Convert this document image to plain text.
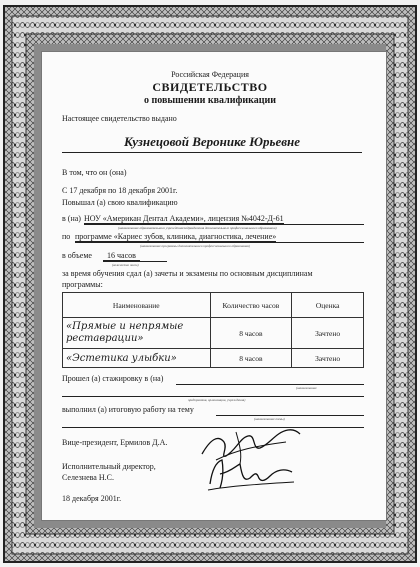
Российская Федерация
СВИДЕТЕЛЬСТВО
о повышении квалификации
Настоящее свидетельство выдано
Кузнецовой Веронике Юрьевне
В том, что он (она)
С 17 декабря по 18 декабря 2001г.
Повышал (а) свою квалификацию
в (на) НОУ «Американ Дентал Академи», лицензия №4042-Д-61
(наименование образовательного учреждения/подразделения дополнительного профессионального образования)
по программе «Кариес зубов, клиника, диагностика, лечение»
(наименование программы дополнительного профессионального образования)
в объеме	16 часов
(количество часов)
за время обучения сдал (а) зачеты и экзамены по основным дисциплинам
программы:
Наименование	Количество часов	Оценка
«Прямые и непрямые реставрации»	8 часов	Зачтено
«Эстетика улыбки»	8 часов	Зачтено
Прошел (а) стажировку в (на)
(наименование
предприятия, организации, учреждения)
выполнил (а) итоговую работу на тему
(наименование темы)
Вице-президент, Ермилов Д.А.
Исполнительный директор,
Селезнева Н.С.
18 декабря 2001г.
